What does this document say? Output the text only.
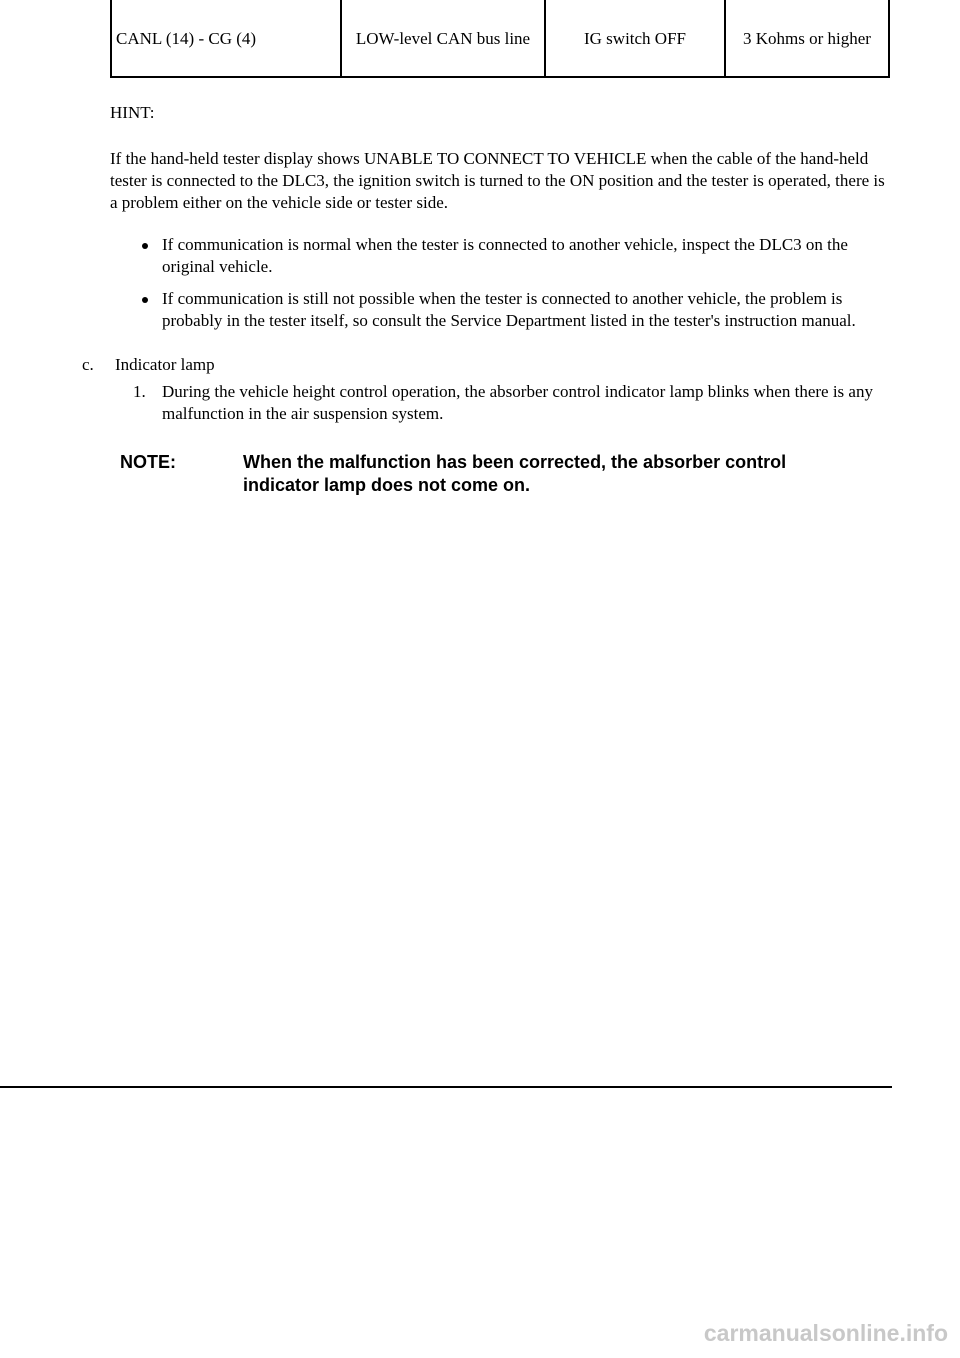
CANL (14) - CG (4)	LOW-level CAN bus line	IG switch OFF	3 Kohms or higher
HINT:

If the hand-held tester display shows UNABLE TO CONNECT TO VEHICLE when the cable of the hand-held tester is connected to the DLC3, the ignition switch is turned to the ON position and the tester is operated, there is a problem either on the vehicle side or tester side.

If communication is normal when the tester is connected to another vehicle, inspect the DLC3 on the original vehicle.
If communication is still not possible when the tester is connected to another vehicle, the problem is probably in the tester itself, so consult the Service Department listed in the tester's instruction manual.
c. Indicator lamp
1. During the vehicle height control operation, the absorber control indicator lamp blinks when there is any malfunction in the air suspension system.

NOTE:	When the malfunction has been corrected, the absorber control indicator lamp does not come on.

carmanualsonline.info
